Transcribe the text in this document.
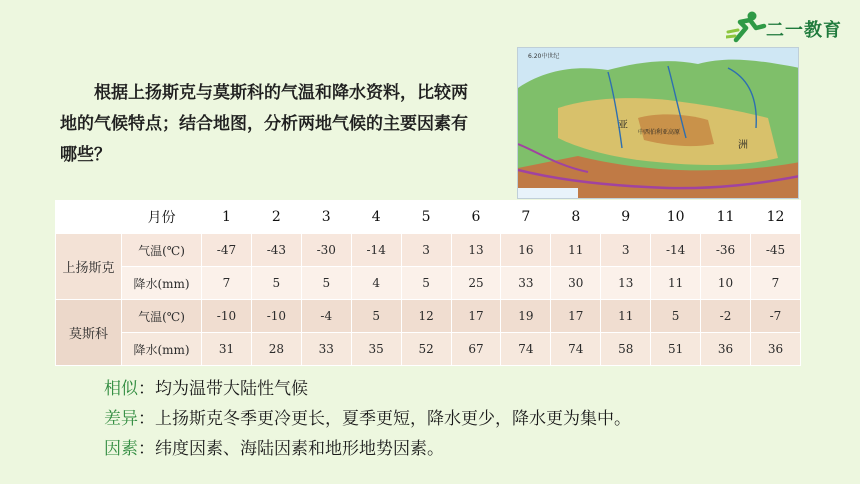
二一教育
根据上扬斯克与莫斯科的气温和降水资料，比较两地的气候特点；结合地图，分析两地气候的主要因素有哪些？
6.20中世纪
中西伯利亚高原
亚
洲
	月份	1	2	3	4	5	6	7	8	9	10	11	12
上扬斯克	气温(℃)	-47	-43	-30	-14	3	13	16	11	3	-14	-36	-45
	降水(mm)	7	5	5	4	5	25	33	30	13	11	10	7
莫斯科	气温(℃)	-10	-10	-4	5	12	17	19	17	11	5	-2	-7
	降水(mm)	31	28	33	35	52	67	74	74	58	51	36	36
相似：均为温带大陆性气候
差异：上扬斯克冬季更冷更长，夏季更短，降水更少，降水更为集中。
因素：纬度因素、海陆因素和地形地势因素。
